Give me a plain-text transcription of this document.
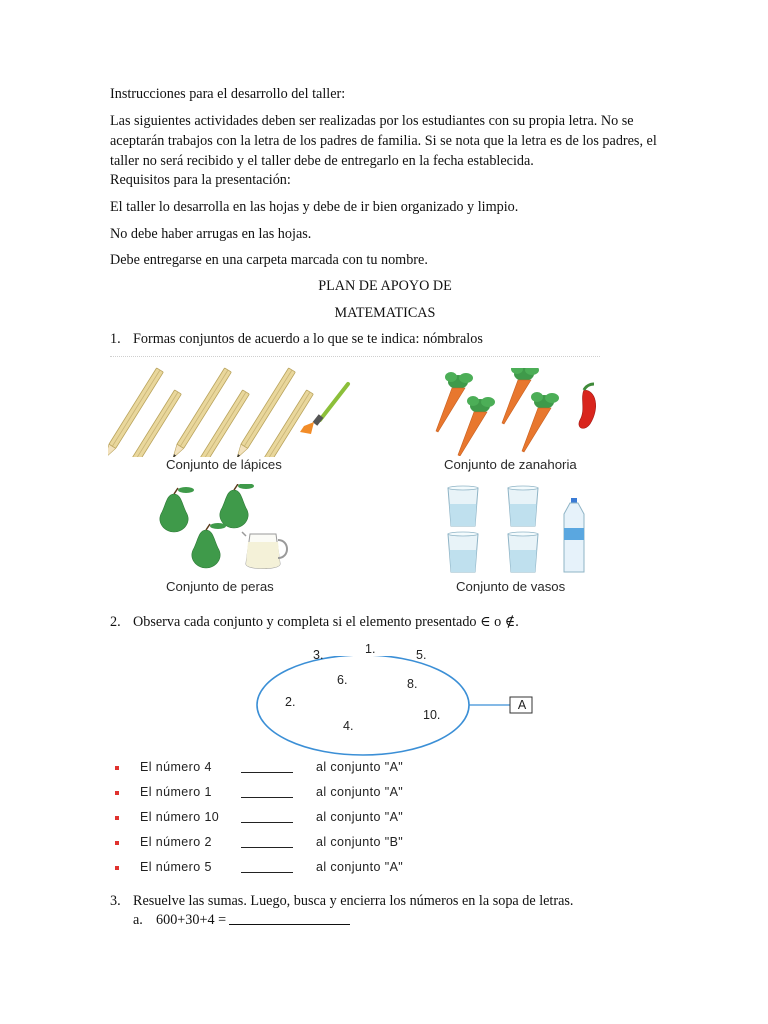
Instrucciones para el desarrollo del taller:
Las siguientes actividades deben ser realizadas por los estudiantes con su propia letra. No se
aceptarán trabajos con la letra de los padres de familia. Si se nota que la letra es de los padres, el
taller no será recibido y el taller debe de entregarlo en la fecha establecida.
Requisitos para la presentación:
El taller lo desarrolla en las hojas y debe de ir bien organizado y limpio.
No debe haber arrugas en las hojas.
Debe entregarse en una carpeta marcada con tu nombre.
PLAN DE APOYO DE
MATEMATICAS
1. Formas conjuntos de acuerdo a lo que se te indica: nómbralos
Conjunto de lápices	Conjunto de zanahoria
Conjunto de peras	Conjunto de vasos
2. Observa cada conjunto y completa si el elemento presentado ∈ o ∉.
A
3.	1.	5.
6.	8.
2.
4.
10.
El número 4	al conjunto "A"
El número 1	al conjunto "A"
El número 10	al conjunto "A"
El número 2	al conjunto "B"
El número 5	al conjunto "A"
3. Resuelve las sumas. Luego, busca y encierra los números en la sopa de letras.
a. 600+30+4 =
